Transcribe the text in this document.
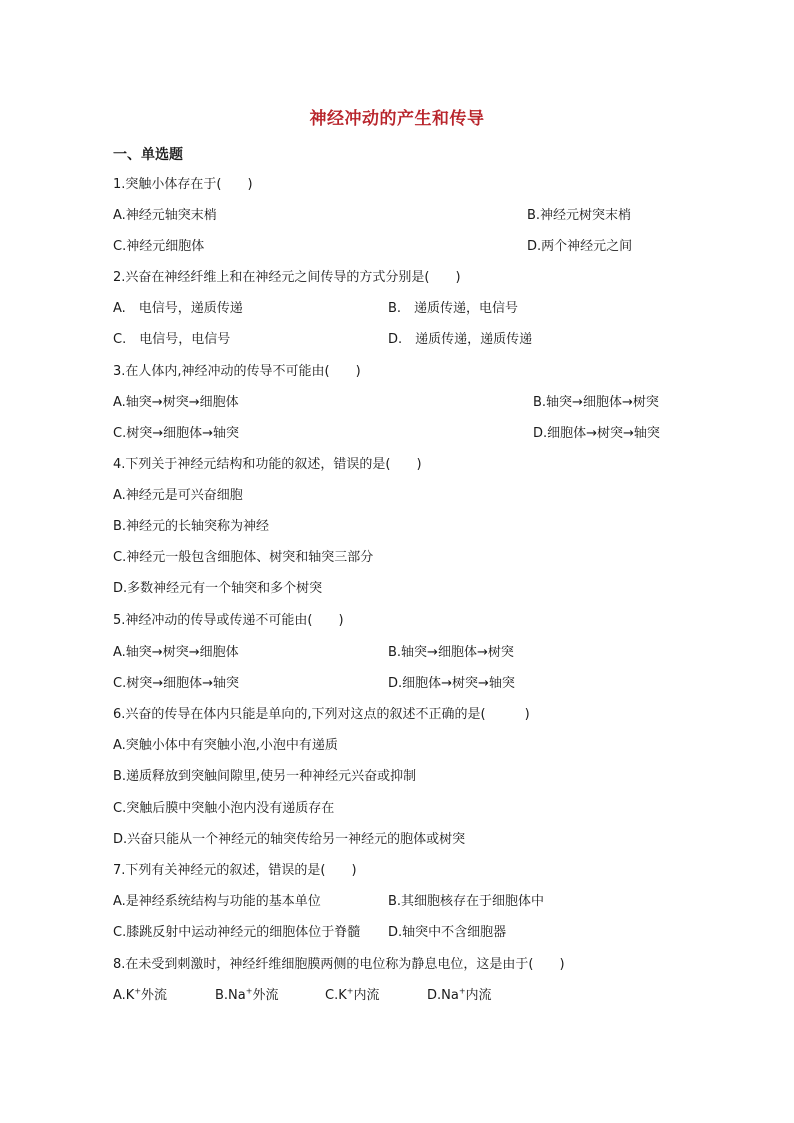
神经冲动的产生和传导
一、单选题
1.突触小体存在于(　　)
A.神经元轴突末梢	B.神经元树突末梢
C.神经元细胞体	D.两个神经元之间
2.兴奋在神经纤维上和在神经元之间传导的方式分别是(　　)
A.　电信号，递质传递	B.　递质传递，电信号
C.　电信号，电信号	D.　递质传递，递质传递
3.在人体内,神经冲动的传导不可能由(　　)
A.轴突→树突→细胞体	B.轴突→细胞体→树突
C.树突→细胞体→轴突	D.细胞体→树突→轴突
4.下列关于神经元结构和功能的叙述，错误的是(　　)
A.神经元是可兴奋细胞
B.神经元的长轴突称为神经
C.神经元一般包含细胞体、树突和轴突三部分
D.多数神经元有一个轴突和多个树突
5.神经冲动的传导或传递不可能由(　　)
A.轴突→树突→细胞体	B.轴突→细胞体→树突
C.树突→细胞体→轴突	D.细胞体→树突→轴突
6.兴奋的传导在体内只能是单向的,下列对这点的叙述不正确的是(　　　)
A.突触小体中有突触小泡,小泡中有递质
B.递质释放到突触间隙里,使另一种神经元兴奋或抑制
C.突触后膜中突触小泡内没有递质存在
D.兴奋只能从一个神经元的轴突传给另一神经元的胞体或树突
7.下列有关神经元的叙述，错误的是(　　)
A.是神经系统结构与功能的基本单位	B.其细胞核存在于细胞体中
C.膝跳反射中运动神经元的细胞体位于脊髓 D.轴突中不含细胞器
8.在未受到刺激时，神经纤维细胞膜两侧的电位称为静息电位，这是由于(　　)
A.K+外流	B.Na+外流	C.K+内流	D.Na+内流
